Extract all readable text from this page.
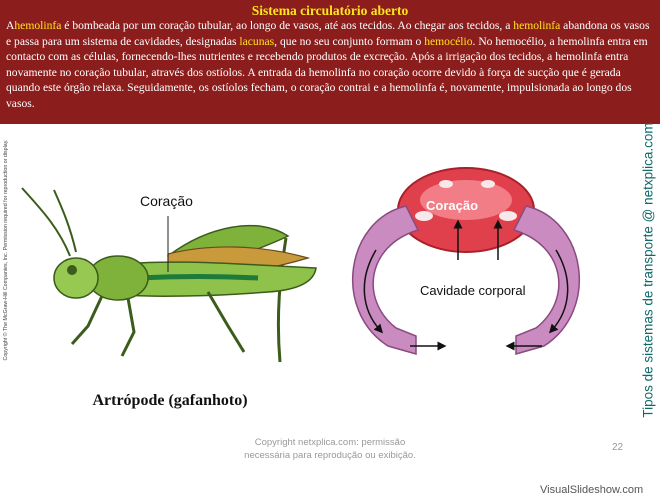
Sistema circulatório aberto
Ahemolinfa é bombeada por um coração tubular, ao longo de vasos, até aos tecidos. Ao chegar aos tecidos, a hemolinfa abandona os vasos e passa para um sistema de cavidades, designadas lacunas, que no seu conjunto formam o hemocélio. No hemocélio, a hemolinfa entra em contacto com as células, fornecendo-lhes nutrientes e recebendo produtos de excreção. Após a irrigação dos tecidos, a hemolinfa entra novamente no coração tubular, através dos ostíolos. A entrada da hemolinfa no coração ocorre devido à força de sucção que é gerada quando este órgão relaxa. Seguidamente, os ostíolos fecham, o coração contrai e a hemolinfa é, novamente, impulsionada ao longo dos vasos.
Coração
Artrópode (gafanhoto)
Coração
Cavidade corporal	Tipos de sistemas de transporte @ netxplica.com
Copyright © The McGraw-Hill Companies, Inc. Permission required for reproduction or display.
Copyright netxplica.com: permissão
necessária para reprodução ou exibição.
22
VisualSlideshow.com
